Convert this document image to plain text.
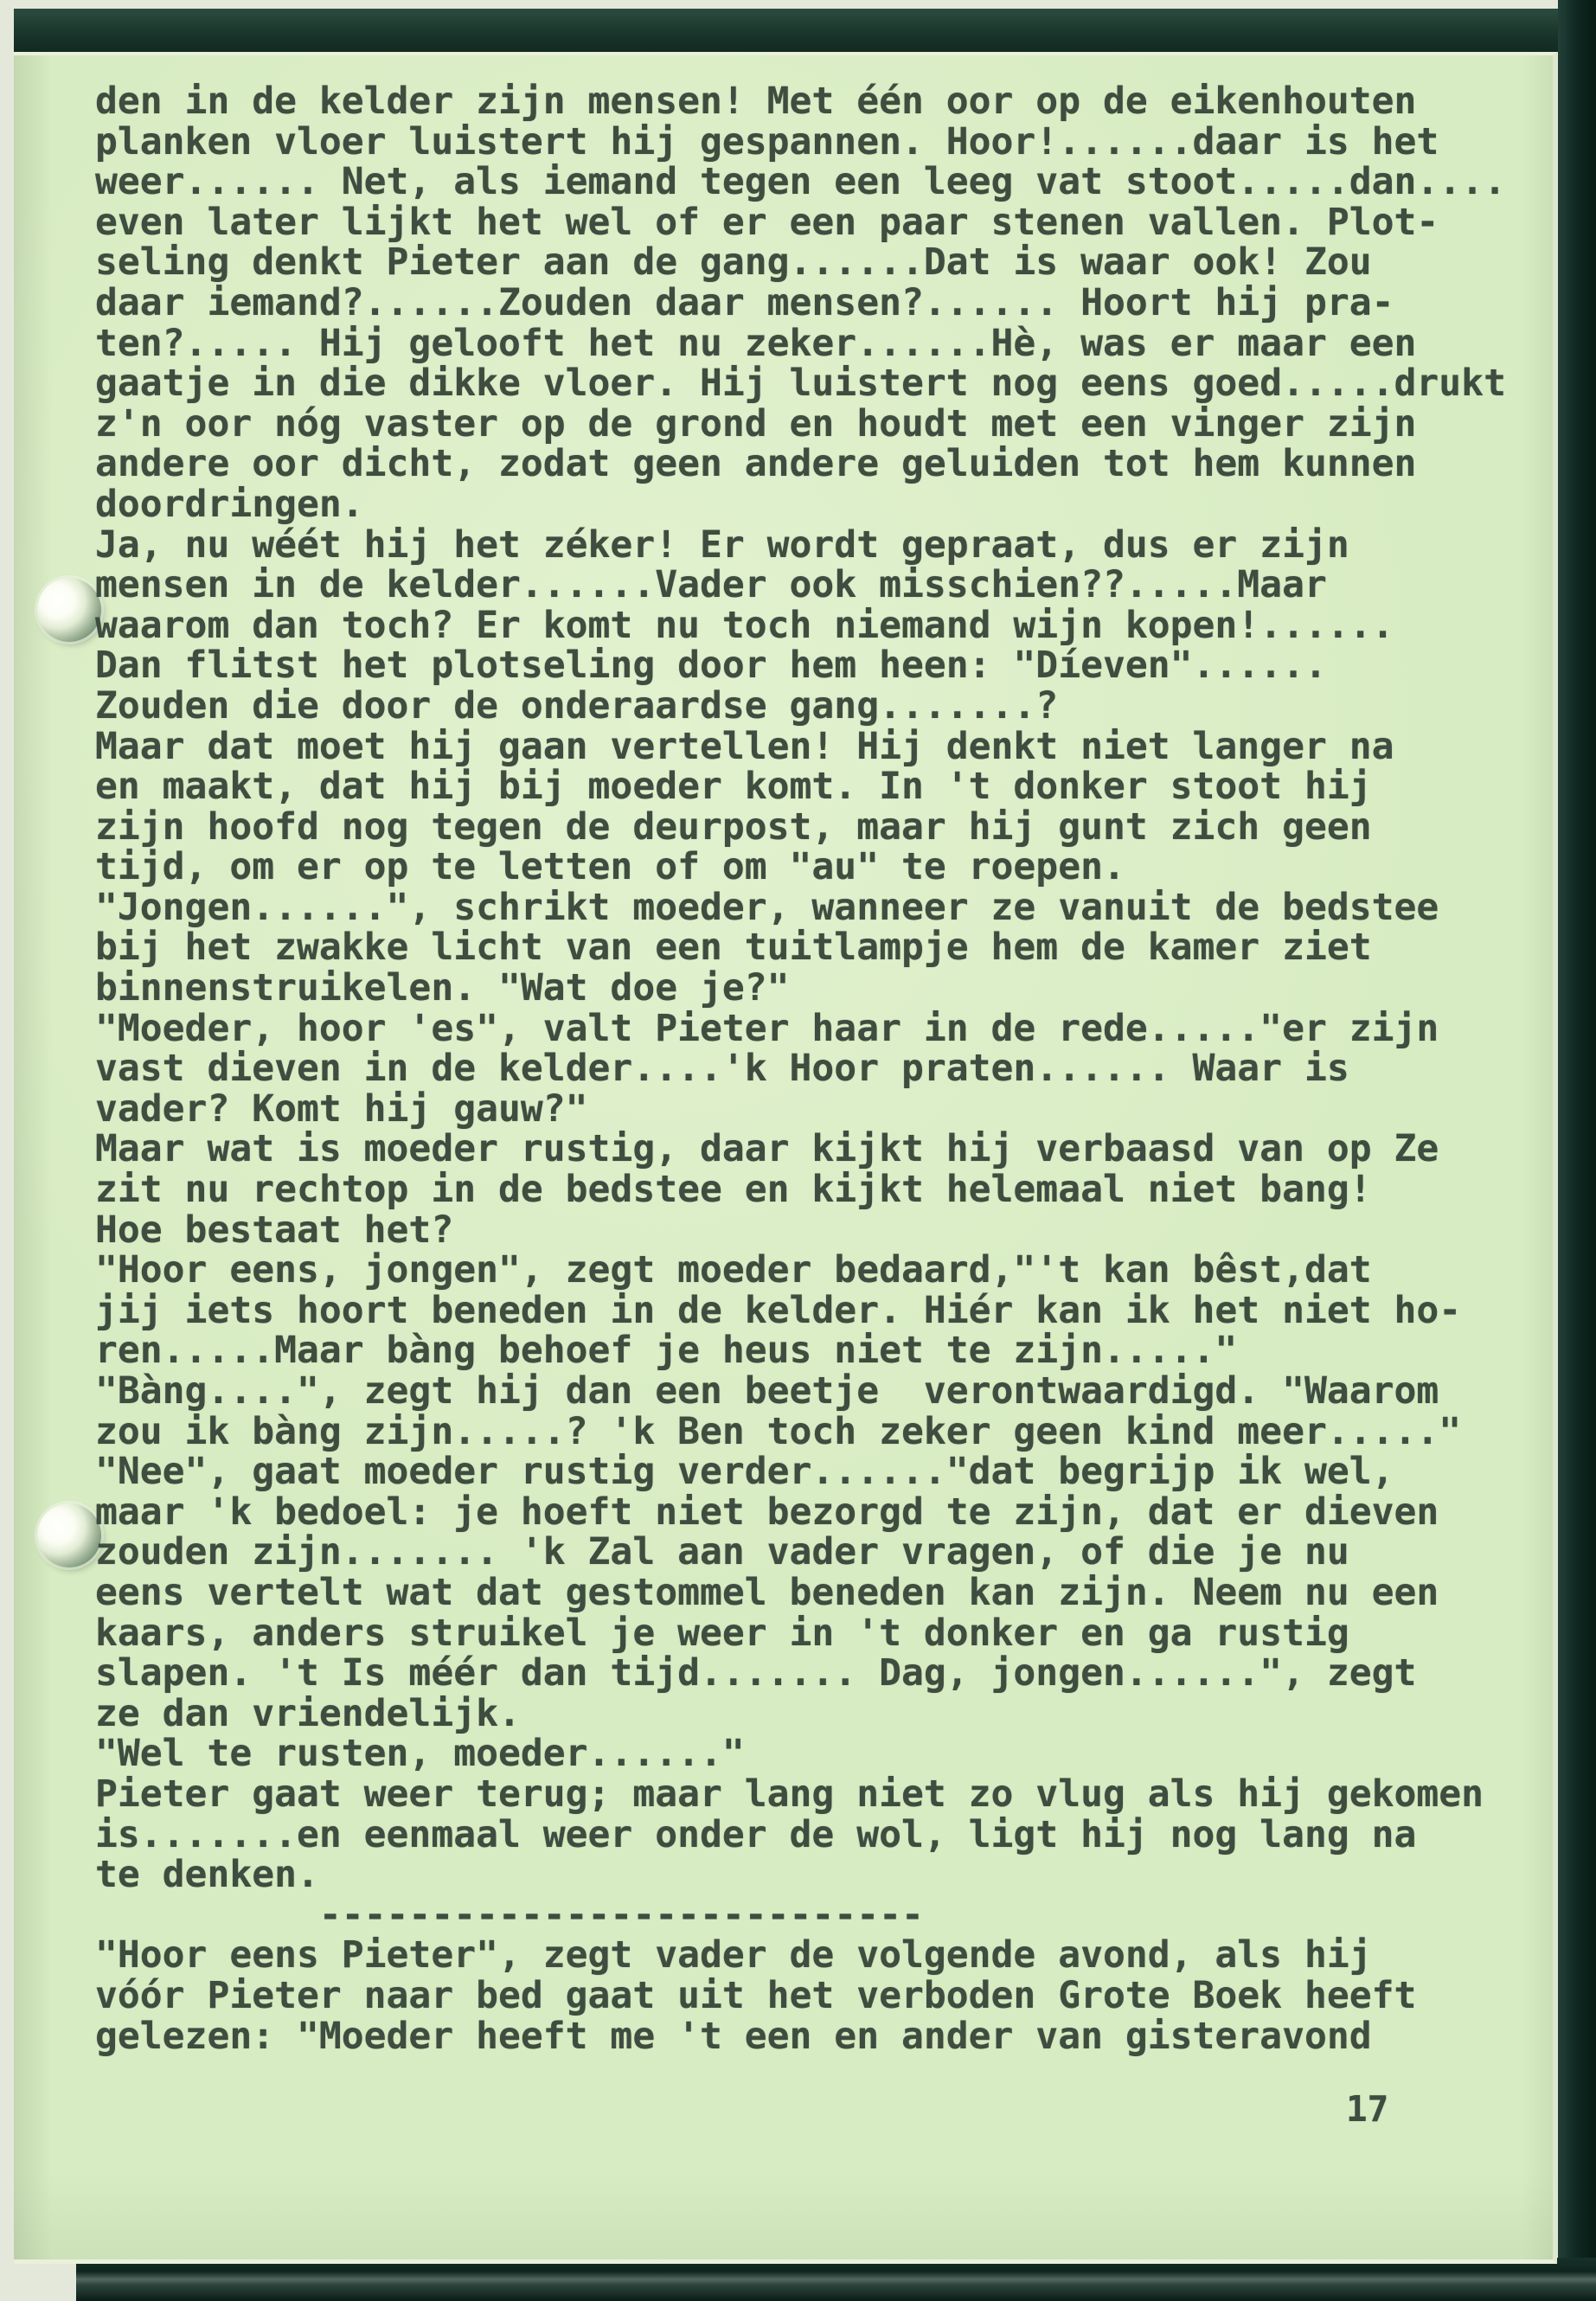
den in de kelder zijn mensen! Met één oor op de eikenhouten
planken vloer luistert hij gespannen. Hoor!......daar is het
weer...... Net, als iemand tegen een leeg vat stoot.....dan....
even later lijkt het wel of er een paar stenen vallen. Plot-
seling denkt Pieter aan de gang......Dat is waar ook! Zou
daar iemand?......Zouden daar mensen?...... Hoort hij pra-
ten?..... Hij gelooft het nu zeker......Hè, was er maar een
gaatje in die dikke vloer. Hij luistert nog eens goed.....drukt
z'n oor nóg vaster op de grond en houdt met een vinger zijn
andere oor dicht, zodat geen andere geluiden tot hem kunnen
doordringen.
Ja, nu wéét hij het zéker! Er wordt gepraat, dus er zijn
mensen in de kelder......Vader ook misschien??.....Maar
waarom dan toch? Er komt nu toch niemand wijn kopen!......
Dan flitst het plotseling door hem heen: "Díeven"......
Zouden die door de onderaardse gang.......?
Maar dat moet hij gaan vertellen! Hij denkt niet langer na
en maakt, dat hij bij moeder komt. In 't donker stoot hij
zijn hoofd nog tegen de deurpost, maar hij gunt zich geen
tijd, om er op te letten of om "au" te roepen.
"Jongen......", schrikt moeder, wanneer ze vanuit de bedstee
bij het zwakke licht van een tuitlampje hem de kamer ziet
binnenstruikelen. "Wat doe je?"
"Moeder, hoor 'es", valt Pieter haar in de rede....."er zijn
vast dieven in de kelder....'k Hoor praten...... Waar is
vader? Komt hij gauw?"
Maar wat is moeder rustig, daar kijkt hij verbaasd van op Ze
zit nu rechtop in de bedstee en kijkt helemaal niet bang!
Hoe bestaat het?
"Hoor eens, jongen", zegt moeder bedaard,"'t kan bêst,dat
jij iets hoort beneden in de kelder. Hiér kan ik het niet ho-
ren.....Maar bàng behoef je heus niet te zijn....."
"Bàng....", zegt hij dan een beetje  verontwaardigd. "Waarom
zou ik bàng zijn.....? 'k Ben toch zeker geen kind meer....."
"Nee", gaat moeder rustig verder......"dat begrijp ik wel,
maar 'k bedoel: je hoeft niet bezorgd te zijn, dat er dieven
zouden zijn....... 'k Zal aan vader vragen, of die je nu
eens vertelt wat dat gestommel beneden kan zijn. Neem nu een
kaars, anders struikel je weer in 't donker en ga rustig
slapen. 't Is méér dan tijd....... Dag, jongen......", zegt
ze dan vriendelijk.
"Wel te rusten, moeder......"
Pieter gaat weer terug; maar lang niet zo vlug als hij gekomen
is.......en eenmaal weer onder de wol, ligt hij nog lang na
te denken.
---------------------------
"Hoor eens Pieter", zegt vader de volgende avond, als hij
vóór Pieter naar bed gaat uit het verboden Grote Boek heeft
gelezen: "Moeder heeft me 't een en ander van gisteravond
17
